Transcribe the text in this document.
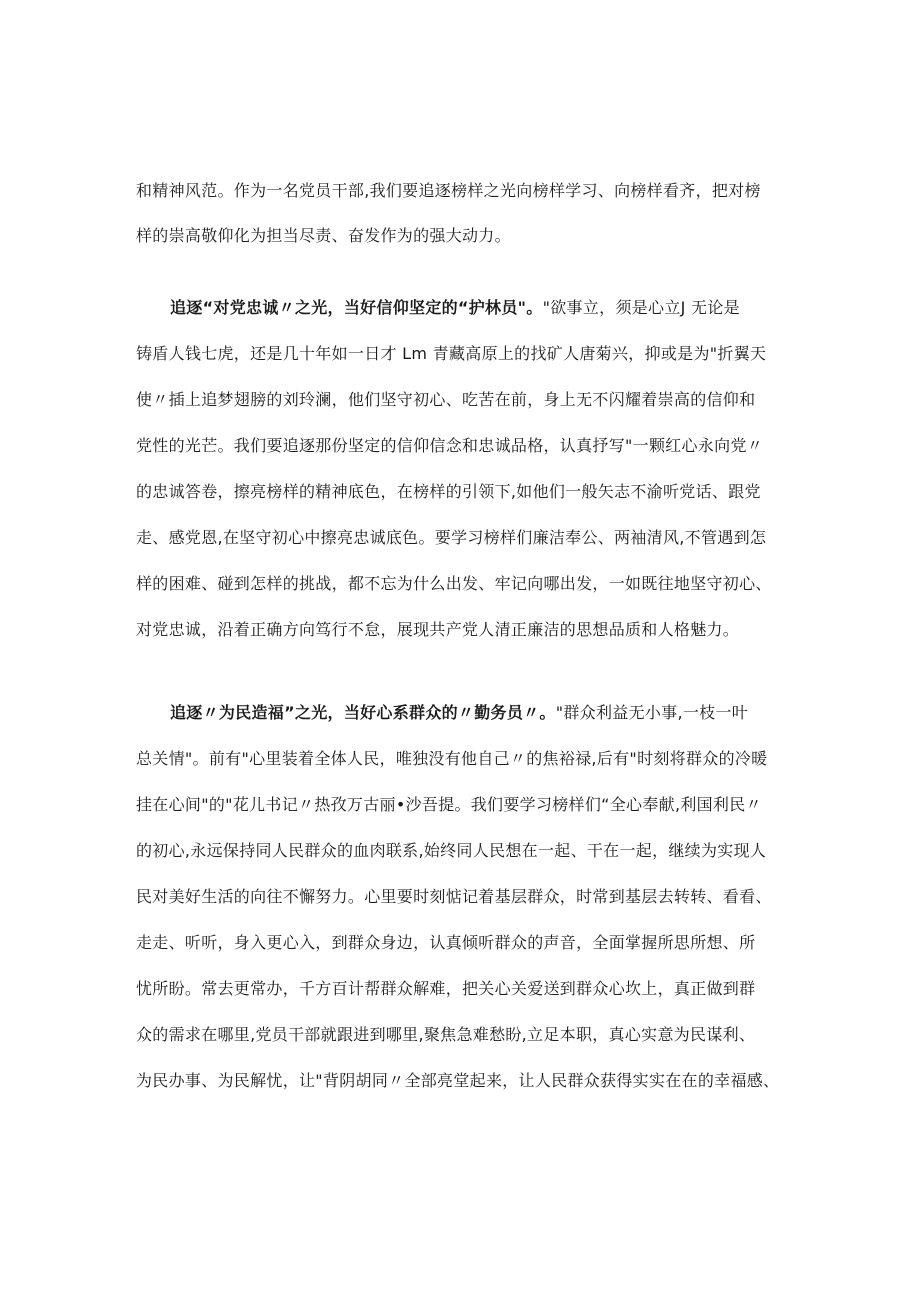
和精神风范。作为一名党员干部,我们要追逐榜样之光向榜样学习、向榜样看齐，把对榜
样的崇高敬仰化为担当尽责、奋发作为的强大动力。
追逐“对党忠诚〃之光，当好信仰坚定的“护林员"。"欲事立，须是心立J 无论是
铸盾人钱七虎，还是几十年如一日才 Lm 青藏高原上的找矿人唐菊兴，抑或是为"折翼天
使〃插上追梦翅膀的刘玲澜，他们坚守初心、吃苦在前，身上无不闪耀着崇高的信仰和
党性的光芒。我们要追逐那份坚定的信仰信念和忠诚品格，认真抒写"一颗红心永向党〃
的忠诚答卷，擦亮榜样的精神底色，在榜样的引领下,如他们一般矢志不渝听党话、跟党
走、感党恩,在坚守初心中擦亮忠诚底色。要学习榜样们廉洁奉公、两袖清风,不管遇到怎
样的困难、碰到怎样的挑战，都不忘为什么出发、牢记向哪出发，一如既往地坚守初心、
对党忠诚，沿着正确方向笃行不怠，展现共产党人清正廉洁的思想品质和人格魅力。
追逐〃为民造福”之光，当好心系群众的〃勤务员〃。"群众利益无小事,一枝一叶
总关情"。前有"心里装着全体人民，唯独没有他自己〃的焦裕禄,后有"时刻将群众的冷暖
挂在心间"的"花儿书记〃热孜万古丽•沙吾提。我们要学习榜样们“全心奉献,利国利民〃
的初心,永远保持同人民群众的血肉联系,始终同人民想在一起、干在一起，继续为实现人
民对美好生活的向往不懈努力。心里要时刻惦记着基层群众，时常到基层去转转、看看、
走走、听听，身入更心入，到群众身边，认真倾听群众的声音，全面掌握所思所想、所
忧所盼。常去更常办，千方百计帮群众解难，把关心关爱送到群众心坎上，真正做到群
众的需求在哪里,党员干部就跟进到哪里,聚焦急难愁盼,立足本职，真心实意为民谋利、
为民办事、为民解忧，让"背阴胡同〃全部亮堂起来，让人民群众获得实实在在的幸福感、
